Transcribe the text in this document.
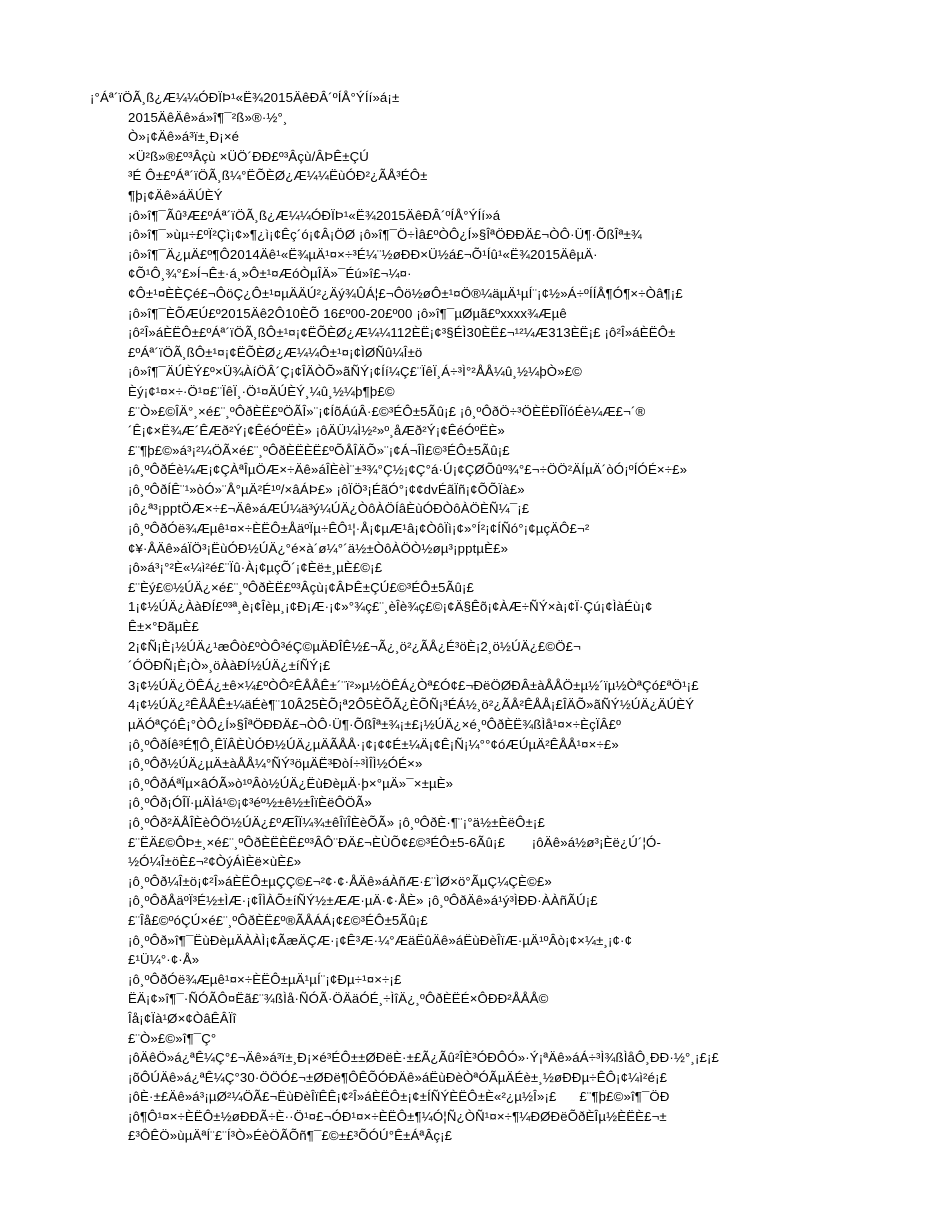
¡°Áª´ïÖÃ¸ß¿Æ¼¼ÓÐÏÞ¹«Ë¾2015ÄêÐÂ´ºÍÅ°ÝÍí»á¡±

2015ÄêÄê»á»î¶¯²ß»®·½°¸

Ò»¡¢Äê»á³ï±¸Ð¡×é

×Ü²ß»®£º³Âçù ×ÜÖ´ÐÐ£º³Âçù/ÂÞÊ±ÇÚ

³É Ô±£ºÁª´ïÖÃ¸ß¼°ËÕÈØ¿Æ¼¼ËùÓÐ²¿ÃÅ³ÉÔ±

¶þ¡¢Äê»áÄÚÈÝ

¡ô»î¶¯Ãû³Æ£ºÁª´ïÖÃ¸ß¿Æ¼¼ÓÐÏÞ¹«Ë¾2015ÄêÐÂ´ºÍÅ°ÝÍí»á

¡ô»î¶¯»ùµ÷£ºÏ²Çì¡¢»¶¿ì¡¢Êç´ó¡¢Â¡ÖØ ¡ô»î¶¯Ö÷Ìâ£ºÒÔ¿Í»§ÎªÖÐÐÄ£¬ÒÔ·Ü¶·ÕßÎª±¾

¡ô»î¶¯Ä¿µÄ£º¶Ô2014Äê¹«Ë¾µÄ¹¤×÷³É¼¨½øÐÐ×Ü½á£¬Õ¹Íû¹«Ë¾2015ÄêµÄ·

¢Õ¹Ô¸¾°£»Í¬Ê±·á¸»Ô±¹¤ÆóÒµÎÄ»¯Éú»î£¬¼¤·

¢Ô±¹¤ÈÈÇé£¬ÔöÇ¿Ô±¹¤µÄÄÚ²¿Äý¾ÛÁ¦£¬Ôö½øÔ±¹¤Ö®¼äµÄ¹µÍ¨¡¢½»Á÷ºÍÍÅ¶Ó¶×÷Òâ¶¡£

¡ô»î¶¯ÈÕÆÚ£º2015Äê2Ô10ÈÕ 16£º00-20£º00 ¡ô»î¶¯µØµã£ºxxxx¾Æµê

¡ô²Î»áÈËÔ±£ºÁª´ïÖÃ¸ßÔ±¹¤¡¢ËÕÈØ¿Æ¼¼112ÈË¡¢³§ÉÌ30ÈË£¬¹²¼Æ313ÈË¡£ ¡ô²Î»áÈËÔ±

£ºÁª´ïÖÃ¸ßÔ±¹¤¡¢ËÕÈØ¿Æ¼¼Ô±¹¤¡¢ÌØÑû¼Î±ö

¡ô»î¶¯ÄÚÈÝ£º×Ü¾ÀíÖÂ´Ç¡¢ÎÄÒÕ»ãÑÝ¡¢Íí¼Ç£¨ÏêÏ¸Á÷³Ì°²ÅÅ¼û¸½¼þÒ»£©

Èý¡¢¹¤×÷·Ö¹¤£¨ÏêÏ¸·Ö¹¤ÄÚÈÝ¸¼û¸½¼þ¶þ£©

£¨Ò»£©ÎÄ°¸×é£¨¸ºÔðÈË£ºÖÃÎ»¨¡¢ÍõÁúÂ·£©³ÉÔ±5Ãû¡£ ¡ô¸ºÔðÖ÷³ÖÈËÐÎÏóÉè¼Æ£¬´®

´Ê¡¢×Ë¾Æ´ÊÆð²Ý¡¢ÊéÓºËÈ» ¡ôÄÜ¼Ì½²»º¸åÆð²Ý¡¢ÊéÓºËÈ»

£¨¶þ£©»á³¡²¼ÖÃ×é£¨¸ºÔðÈËÈË£ºÕÅÎÄÕ»¨¡¢Á¬ÎÌ£©³ÉÔ±5Ãû¡£

¡ô¸ºÔðÉè¼Æ¡¢ÇÀªÎµÖÆ×÷Äê»áÎÈèÌ¨±³¾°Ç½¡¢Ç°á·Ú¡¢ÇØÕûº¾°£¬÷ÖÖ²ÄÍµÄ´òÓ¡ºÍÓÉ×÷£»

¡ô¸ºÔðÍÊ¨¹»òÓ»¨Å°µÄ²É¹º/×âÁÞ£» ¡ôÏÖ³¡ÉãÓ°¡¢¢dvÉãÏñ¡¢ÕÕÏà£»

¡ô¿ª³¡pptÖÆ×÷£¬Äê»áÆÚ¼ä³ý¼ÚÄ¿ÒôÀÖÍâÈùÓÐÒôÀÖÈÑ¼¯¡£

¡ô¸ºÔðÓë¾Æµê¹¤×÷ÈËÔ±ÅäºÏµ÷ÊÔ¹¦·Å¡¢µÆ¹â¡¢ÒôÏì¡¢»°Í²¡¢ÍÑó°¡¢µçÄÔ£¬²

¢¥·ÅÄê»áÏÖ³¡ËùÓÐ½ÚÄ¿°é×à´ø¼°´ä½±ÒôÀÖÒ½øµ³¡pptµÈ£»

¡ô»á³¡°²È«¼ì²é£¨Ïû·À¡¢µçÕ´¡¢Èë±¸µÈ£©¡£

£¨Èý£©½ÚÄ¿×é£¨¸ºÔðÈË£º³Âçù¡¢ÂÞÊ±ÇÚ£©³ÉÔ±5Ãû¡£

1¡¢½ÚÄ¿ÀàÐÍ£º³ª¸è¡¢Îèµ¸¡¢Ð¡Æ·¡¢»°¾ç£¨¸èÎè¾ç£©¡¢Ä§Êõ¡¢ÀÆ÷ÑÝ×à¡¢Ï·Çú¡¢ÌàÉù¡¢

Ê±×°ÐãµÈ£

2¡¢Ñ¡È¡½ÚÄ¿¹æÔò£ºÒÔ³éÇ©µÄÐÎÊ½£¬Ã¿¸ö²¿ÃÅ¿É³öÈ¡2¸ö½ÚÄ¿£©Ö£¬

´ÓÖÐÑ¡È¡Ò»¸öÀàÐÍ½ÚÄ¿±íÑÝ¡£

3¡¢½ÚÄ¿ÖÊÁ¿±ê×¼£ºÒÔ²ÊÅÅÊ±´¨ï²»µ½ÖÊÁ¿Òª£Ó¢£¬ÐëÖØÐÂ±àÅÅÖ±µ½´ïµ½ÒªÇó£ªÖ¹¡£

4¡¢½ÚÄ¿²ÊÅÅÊ±¼äÉè¶¨10Â25ÈÕ¡ª2Ô5ÈÕÃ¿ÈÕÑ¡³ÉÁ½¸ö²¿ÃÅ²ÊÅÅ¡£ÎÄÕ»ãÑÝ½ÚÄ¿ÄÚÈÝ

µÄÓªÇóÊ¡°ÒÔ¿Í»§ÎªÖÐÐÄ£¬ÒÔ·Ü¶·ÕßÎª±¾¡±£¡½ÚÄ¿×é¸ºÔðÈË¾ßÌå¹¤×÷ÈçÏÂ£º

¡ô¸ºÔðÍê³É¶Ô¸ÊÏÂÈÙÓÐ½ÚÄ¿µÄÃÅÅ·¡¢¡¢¢É±¼Ä¡¢Ê¡Ñ¡¼°°¢óÆÚµÄ²ÊÅÅ¹¤×÷£»

¡ô¸ºÔð½ÚÄ¿µÄ±àÅÅ¼°ÑÝ³öµÄË³ÐòÍ÷³ÌÎÌ½ÓÉ×»

¡ô¸ºÔðÁªÏµ×âÓÃ»ò¹ºÂò½ÚÄ¿ËùÐèµÄ·þ×°µÄ»¯×±µÈ»

¡ô¸ºÔð¡ÓÎÏ·µÄÌá¹©¡¢³éº½±ê½±ÎïÈëÔÖÃ»

¡ô¸ºÔð²ÄÅÎÈèÔÖ½ÚÄ¿£ºÆÎÏ¼¾±êÎïÎÈèÕÃ» ¡ô¸ºÔðÈ·¶¨¡°ä½±ÈëÔ±¡£

£¨ËÄ£©ÔÞ±¸×é£¨¸ºÔðÈËÈË£º³ÂÔ¨ÐÄ£¬ÈÙÕ¢£©³ÉÔ±5-6Ãû¡£       ¡ôÄê»á½ø³¡Èë¿Ú´¦Ó-

½Ó¼Î±öÈ£¬²¢ÒýÁìÈë×ùÈ£»

¡ô¸ºÔð¼Î±ö¡¢²Î»áÈËÔ±µÇÇ©£¬²¢·¢·ÅÄê»áÀñÆ·£¨ÌØ×ö°ÃµÇ¼ÇÈ©£»

¡ô¸ºÔðÅäºÏ³É½±ÌÆ·¡¢ÎÌÀÕ±íÑÝ½±ÆÆ·µÄ·¢·ÅÈ» ¡ô¸ºÔðÄê»á¹ý³ÌÐÐ·ÀÀñÃÚ¡£

£¨Îå£©ºóÇÚ×é£¨¸ºÔðÈË£º®ÃÅÁÁ¡¢£©³ÉÔ±5Ãû¡£

¡ô¸ºÔð»î¶¯ËùÐèµÄÀÀÌ¡¢ÃæÄÇÆ·¡¢Ê³Æ·¼°ÆäËûÄê»áËùÐèÎïÆ·µÄ¹ºÂò¡¢×¼±¸¡¢·¢

£¹Ü¼°·¢·Å»

¡ô¸ºÔðÓë¾Æµê¹¤×÷ÈËÔ±µÄ¹µÍ¨¡¢Ðµ÷¹¤×÷¡£

ËÄ¡¢»î¶¯·ÑÓÃÔ¤Ëã£¨¾ßÌå·ÑÓÃ·ÖÄäÓÉ¸÷ÌîÄ¿¸ºÔðÈËÉ×ÔÐÐ²ÅÅÅ©

Îå¡¢Ïà¹Ø×¢ÒâÊÂÏî

£¨Ò»£©»î¶¯Ç°

¡ôÄêÖ»á¿ªÊ¼Ç°£¬Äê»á³ï±¸Ð¡×é³ÉÔ±±ØÐëÈ·±£Ã¿Ãû²ÎÈ³ÓÐÔÓ»·Ý¡ªÄê»áÁ÷³Ì¾ßÌåÔ¸ÐÐ·½°¸¡£¡£

¡õÔÚÄê»á¿ªÊ¼Ç°30·ÖÖÓ£¬±ØÐë¶ÔÊÕÓÐÄê»áËùÐèÒªÓÃµÄÉè±¸½øÐÐµ÷ÊÔ¡¢¼ì²é¡£

¡ôÈ·±£Äê»á³¡µØ²¼ÖÃ£¬ËùÐèÎïÊÊ¡¢²Î»áÈËÔ±¡¢±ÍÑÝÈËÔ±È«²¿µ½Î»¡£      £¨¶þ£©»î¶¯ÖÐ

¡ô¶Ô¹¤×÷ÈËÔ±½øÐÐÃ÷È··Ö¹¤£¬ÓÐ¹¤×÷ÈËÔ±¶¼Ó¦Ñ¿ÒÑ¹¤×÷¶¼ÐØÐëÕðÈÎµ½ÈËÈ£¬±

£³ÔÊÖ»ùµÄªÍ¨£¨Í³Ò»ÉèÖÃÕñ¶¯£©±£³ÕÓÚ°Ê±ÁªÂç¡£
